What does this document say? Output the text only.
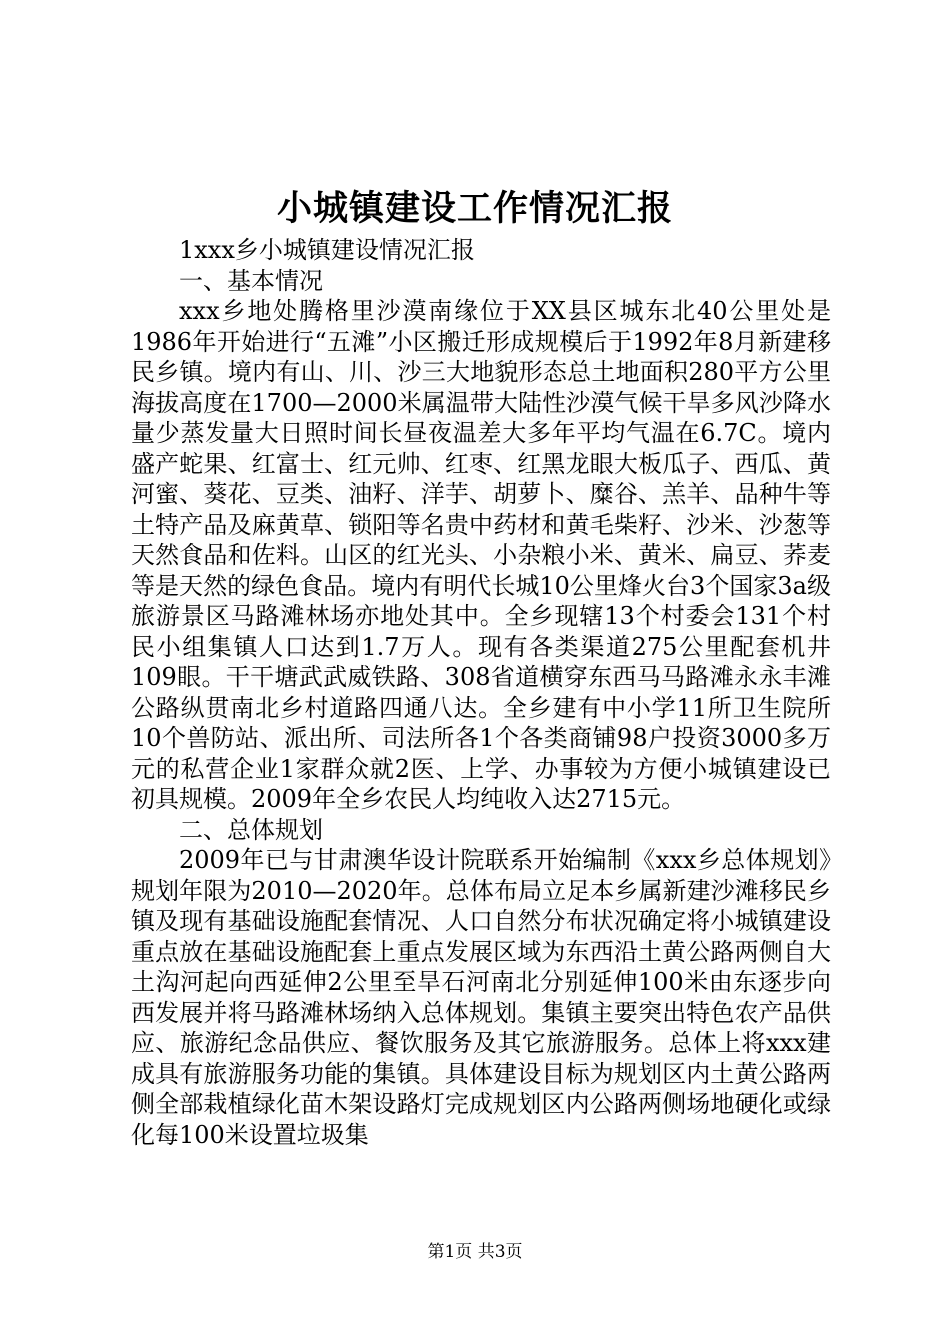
小城镇建设工作情况汇报

1xxx乡小城镇建设情况汇报

一、基本情况

xxx乡地处腾格里沙漠南缘位于XX县区城东北40公里处是1986年开始进行“五滩”小区搬迁形成规模后于1992年8月新建移民乡镇。境内有山、川、沙三大地貌形态总土地面积280平方公里海拔高度在1700—2000米属温带大陆性沙漠气候干旱多风沙降水量少蒸发量大日照时间长昼夜温差大多年平均气温在6.7C。境内盛产蛇果、红富士、红元帅、红枣、红黑龙眼大板瓜子、西瓜、黄河蜜、葵花、豆类、油籽、洋芋、胡萝卜、糜谷、羔羊、品种牛等土特产品及麻黄草、锁阳等名贵中药材和黄毛柴籽、沙米、沙葱等天然食品和佐料。山区的红光头、小杂粮小米、黄米、扁豆、荞麦等是天然的绿色食品。境内有明代长城10公里烽火台3个国家3a级旅游景区马路滩林场亦地处其中。全乡现辖13个村委会131个村民小组集镇人口达到1.7万人。现有各类渠道275公里配套机井109眼。干干塘武武威铁路、308省道横穿东西马马路滩永永丰滩公路纵贯南北乡村道路四通八达。全乡建有中小学11所卫生院所10个兽防站、派出所、司法所各1个各类商铺98户投资3000多万元的私营企业1家群众就2医、上学、办事较为方便小城镇建设已初具规模。2009年全乡农民人均纯收入达2715元。

二、总体规划

2009年已与甘肃澳华设计院联系开始编制《xxx乡总体规划》规划年限为2010—2020年。总体布局立足本乡属新建沙滩移民乡镇及现有基础设施配套情况、人口自然分布状况确定将小城镇建设重点放在基础设施配套上重点发展区域为东西沿土黄公路两侧自大土沟河起向西延伸2公里至旱石河南北分别延伸100米由东逐步向西发展并将马路滩林场纳入总体规划。集镇主要突出特色农产品供应、旅游纪念品供应、餐饮服务及其它旅游服务。总体上将xxx建成具有旅游服务功能的集镇。具体建设目标为规划区内土黄公路两侧全部栽植绿化苗木架设路灯完成规划区内公路两侧场地硬化或绿化每100米设置垃圾集

第1页 共3页
